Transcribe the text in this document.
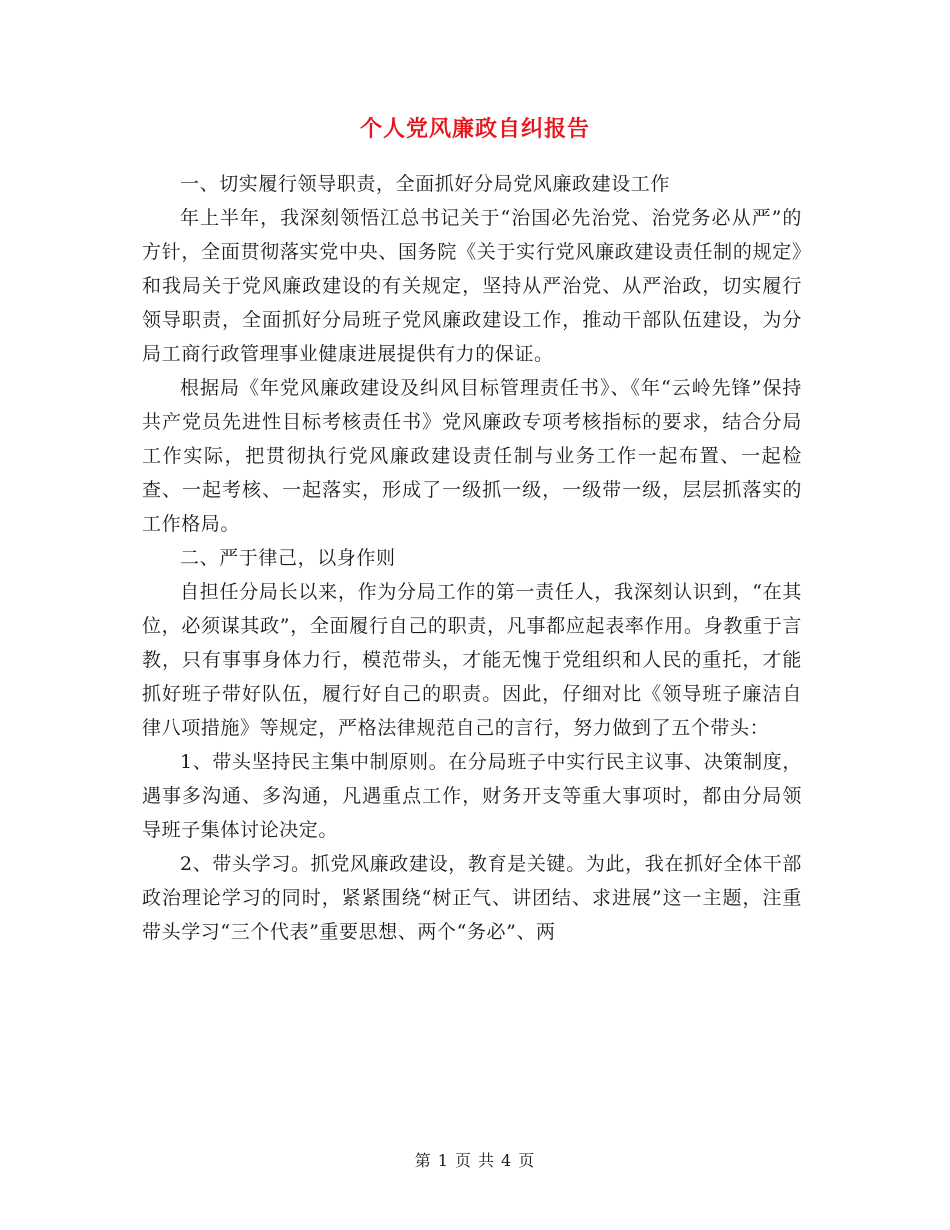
个人党风廉政自纠报告

一、切实履行领导职责，全面抓好分局党风廉政建设工作

年上半年，我深刻领悟江总书记关于“治国必先治党、治党务必从严”的方针，全面贯彻落实党中央、国务院《关于实行党风廉政建设责任制的规定》和我局关于党风廉政建设的有关规定，坚持从严治党、从严治政，切实履行领导职责，全面抓好分局班子党风廉政建设工作，推动干部队伍建设，为分局工商行政管理事业健康进展提供有力的保证。

根据局《年党风廉政建设及纠风目标管理责任书》、《年“云岭先锋”保持共产党员先进性目标考核责任书》党风廉政专项考核指标的要求，结合分局工作实际，把贯彻执行党风廉政建设责任制与业务工作一起布置、一起检查、一起考核、一起落实，形成了一级抓一级，一级带一级，层层抓落实的工作格局。

二、严于律己，以身作则

自担任分局长以来，作为分局工作的第一责任人，我深刻认识到，“在其位，必须谋其政”，全面履行自己的职责，凡事都应起表率作用。身教重于言教，只有事事身体力行，模范带头，才能无愧于党组织和人民的重托，才能抓好班子带好队伍，履行好自己的职责。因此，仔细对比《领导班子廉洁自律八项措施》等规定，严格法律规范自己的言行，努力做到了五个带头：

1、带头坚持民主集中制原则。在分局班子中实行民主议事、决策制度，遇事多沟通、多沟通，凡遇重点工作，财务开支等重大事项时，都由分局领导班子集体讨论决定。

2、带头学习。抓党风廉政建设，教育是关键。为此，我在抓好全体干部政治理论学习的同时，紧紧围绕“树正气、讲团结、求进展”这一主题，注重带头学习“三个代表”重要思想、两个“务必”、两

第 1 页 共 4 页
